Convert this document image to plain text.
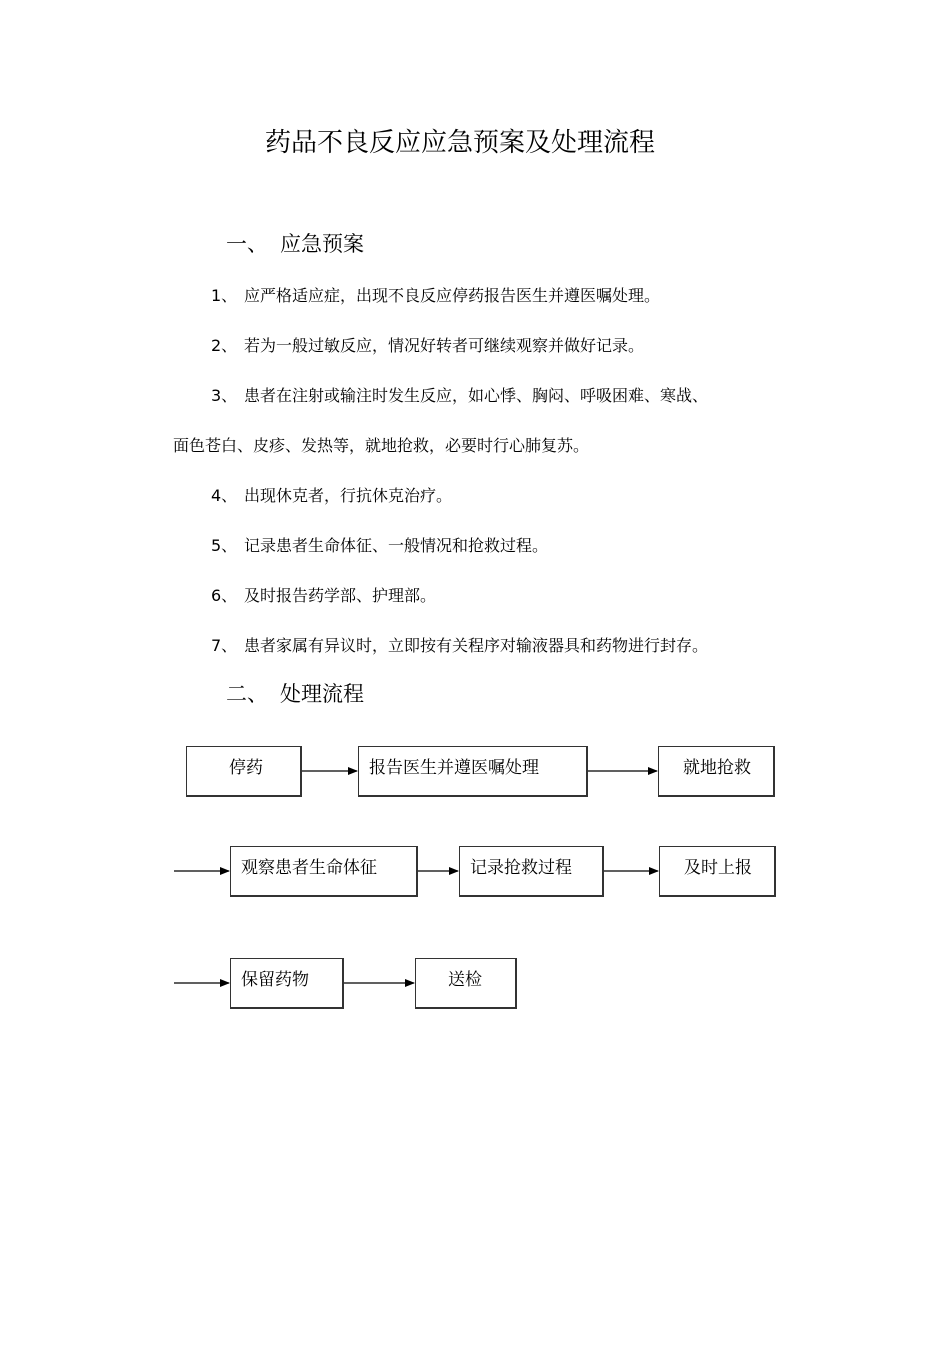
药品不良反应应急预案及处理流程
一、 应急预案
1、 应严格适应症，出现不良反应停药报告医生并遵医嘱处理。
2、 若为一般过敏反应，情况好转者可继续观察并做好记录。
3、 患者在注射或输注时发生反应，如心悸、胸闷、呼吸困难、寒战、
面色苍白、皮疹、发热等，就地抢救，必要时行心肺复苏。
4、 出现休克者，行抗休克治疗。
5、 记录患者生命体征、一般情况和抢救过程。
6、 及时报告药学部、护理部。
7、 患者家属有异议时，立即按有关程序对输液器具和药物进行封存。
二、 处理流程
停药	报告医生并遵医嘱处理	就地抢救
观察患者生命体征	记录抢救过程	及时上报
保留药物	送检
